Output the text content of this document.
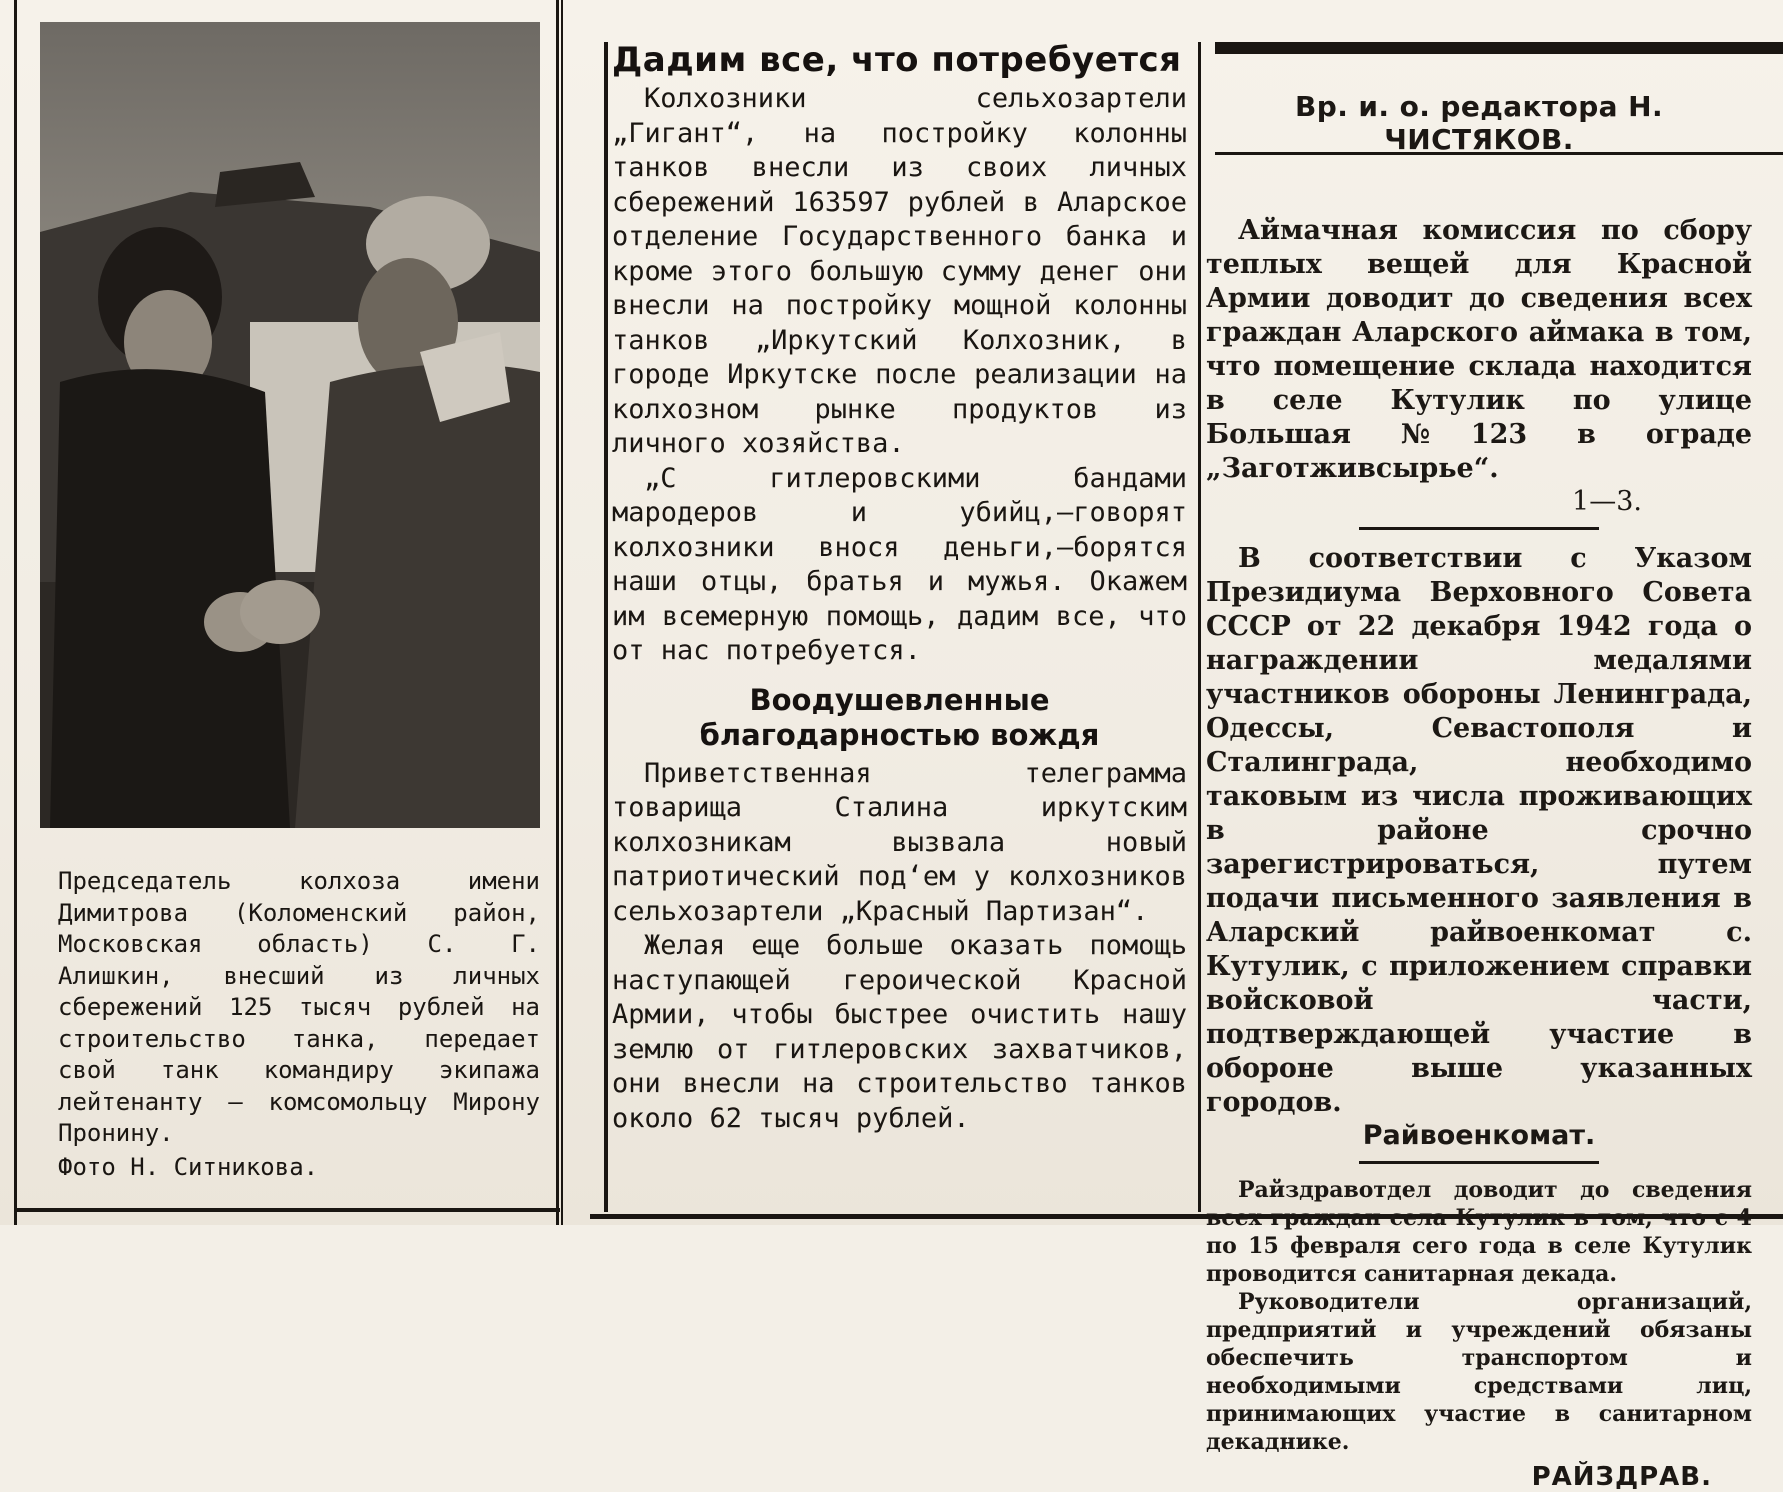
Председатель колхоза имени Димитрова (Коломенский район, Московская область) С. Г. Алишкин, внесший из личных сбережений 125 тысяч рублей на строительство танка, передает свой танк командиру экипажа лейтенанту — комсомольцу Мирону Пронину.

Фото Н. Ситникова.

Дадим все, что потребуется

Колхозники сельхозартели „Гигант“, на постройку колонны танков внесли из своих личных сбережений 163597 рублей в Аларское отделение Государственного банка и кроме этого большую сумму денег они внесли на постройку мощной колонны танков „Иркутский Колхозник, в городе Иркутске после реализации на колхозном рынке продуктов из личного хозяйства.

„С гитлеровскими бандами мародеров и убийц,—говорят колхозники внося деньги,—борятся наши отцы, братья и мужья. Окажем им всемерную помощь, дадим все, что от нас потребуется.

Воодушевленные
благодарностью вождя

Приветственная телеграмма товарища Сталина иркутским колхозникам вызвала новый патриотический под‘ем у колхозников сельхозартели „Красный Партизан“.

Желая еще больше оказать помощь наступающей героической Красной Армии, чтобы быстрее очистить нашу землю от гитлеровских захватчиков, они внесли на строительство танков около 62 тысяч рублей.

Вр. и. о. редактора Н. ЧИСТЯКОВ.

Аймачная комиссия по сбору теплых вещей для Красной Армии доводит до сведения всех граждан Аларского аймака в том, что помещение склада находится в селе Кутулик по улице Большая №123 в ограде „Заготживсырье“.

1—3.

В соответствии с Указом Президиума Верховного Совета СССР от 22 декабря 1942 года о награждении медалями участников обороны Ленинграда, Одессы, Севастополя и Сталинграда, необходимо таковым из числа проживающих в районе срочно зарегистрироваться, путем подачи письменного заявления в Аларский райвоенкомат с. Кутулик, с приложением справки войсковой части, подтверждающей участие в обороне выше указанных городов.

Райвоенкомат.

Райздравотдел доводит до сведения всех граждан села Кутулик в том, что с 4 по 15 февраля сего года в селе Кутулик проводится санитарная декада.

Руководители организаций, предприятий и учреждений обязаны обеспечить транспортом и необходимыми средствами лиц, принимающих участие в санитарном декаднике.

РАЙЗДРАВ.
